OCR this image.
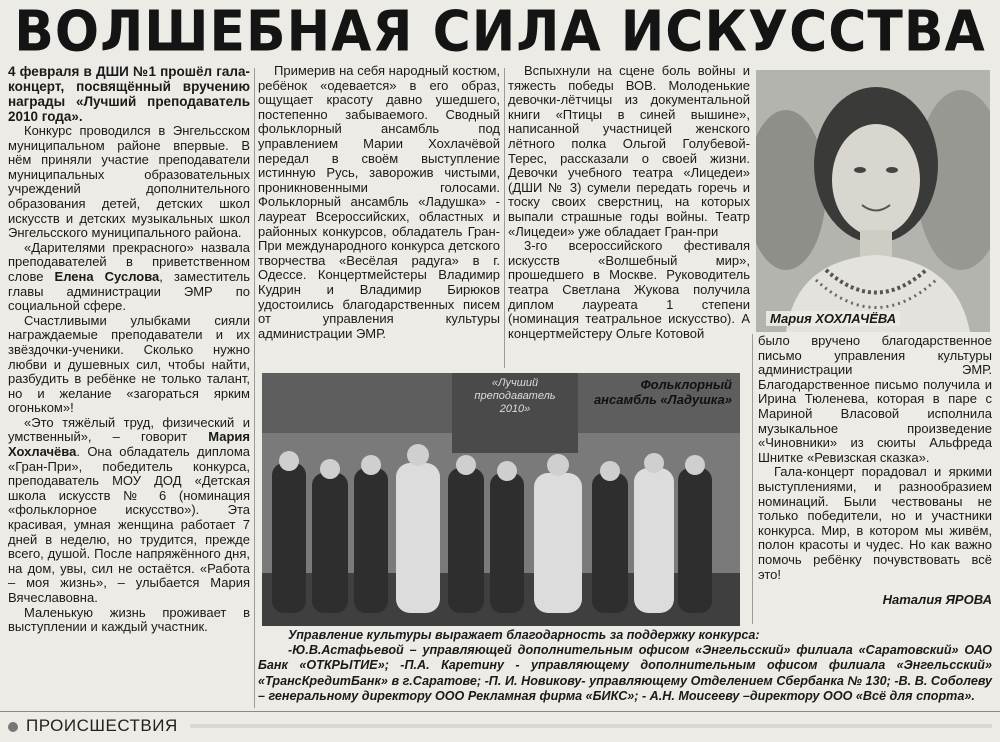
ВОЛШЕБНАЯ СИЛА ИСКУССТВА

4 февраля в ДШИ №1 прошёл гала-концерт, посвящённый вручению награды «Лучший преподаватель 2010 года».

Конкурс проводился в Энгельсском муниципальном районе впервые. В нём приняли участие преподаватели муниципальных образовательных учреждений дополнительного образования детей, детских школ искусств и детских музыкальных школ Энгельсского муниципального района.

«Дарителями прекрасного» назвала преподавателей в приветственном слове Елена Суслова, заместитель главы администрации ЭМР по социальной сфере.

Счастливыми улыбками сияли награждаемые преподаватели и их звёздочки-ученики. Сколько нужно любви и душевных сил, чтобы найти, разбудить в ребёнке не только талант, но и желание «загораться ярким огоньком»!

«Это тяжёлый труд, физический и умственный», – говорит Мария Хохлачёва. Она обладатель диплома «Гран-При», победитель конкурса, преподаватель МОУ ДОД «Детская школа искусств № 6 (номинация «фольклорное искусство»). Эта красивая, умная женщина работает 7 дней в неделю, но трудится, прежде всего, душой. После напряжённого дня, на дом, увы, сил не остаётся. «Работа – моя жизнь», – улыбается Мария Вячеславовна.

Маленькую жизнь проживает в выступлении и каждый участник.

Примерив на себя народный костюм, ребёнок «одевается» в его образ, ощущает красоту давно ушедшего, постепенно забываемого. Сводный фольклорный ансамбль под управлением Марии Хохлачёвой передал в своём выступление истинную Русь, заворожив чистыми, проникновенными голосами. Фольклорный ансамбль «Ладушка» - лауреат Всероссийских, областных и районных конкурсов, обладатель Гран-При международного конкурса детского творчества «Весёлая радуга» в г. Одессе. Концертмейстеры Владимир Кудрин и Владимир Бирюков удостоились благодарственных писем от управления культуры администрации ЭМР.

Вспыхнули на сцене боль войны и тяжесть победы ВОВ. Молоденькие девочки-лётчицы из документальной книги «Птицы в синей вышине», написанной участницей женского лётного полка Ольгой Голубевой-Терес, рассказали о своей жизни. Девочки учебного театра «Лицедеи» (ДШИ № 3) сумели передать горечь и тоску своих сверстниц, на которых выпали страшные годы войны. Театр «Лицедеи» уже обладает Гран-при

3-го всероссийского фестиваля искусств «Волшебный мир», прошедшего в Москве. Руководитель театра Светлана Жукова получила диплом лауреата 1 степени (номинация театральное искусство). А концертмейстеру Ольге Котовой

Мария ХОХЛАЧЁВА
«Лучший
преподаватель
2010»
Фольклорный
ансамбль «Ладушка»

было вручено благодарственное письмо управления культуры администрации ЭМР. Благодарственное письмо получила и Ирина Тюленева, которая в паре с Мариной Власовой исполнила музыкальное произведение «Чиновники» из сюиты Альфреда Шнитке «Ревизская сказка».

Гала-концерт порадовал и яркими выступлениями, и разнообразием номинаций. Были чествованы не только победители, но и участники конкурса. Мир, в котором мы живём, полон красоты и чудес. Но как важно помочь ребёнку почувствовать всё это!

Наталия ЯРОВА

Управление культуры выражает благодарность за поддержку конкурса:

-Ю.В.Астафьевой – управляющей дополнительным офисом «Энгельсский» филиала «Саратовский» ОАО Банк «ОТКРЫТИЕ»; -П.А. Каретину - управляющему дополнительным офисом филиала «Энгельсский» «ТрансКредитБанк» в г.Саратове; -П. И. Новикову- управляющему Отделением Сбербанка № 130; -В. В. Соболеву – генеральному директору ООО Рекламная фирма «БИКС»; - А.Н. Моисееву –директору ООО «Всё для спорта».

ПРОИСШЕСТВИЯ
